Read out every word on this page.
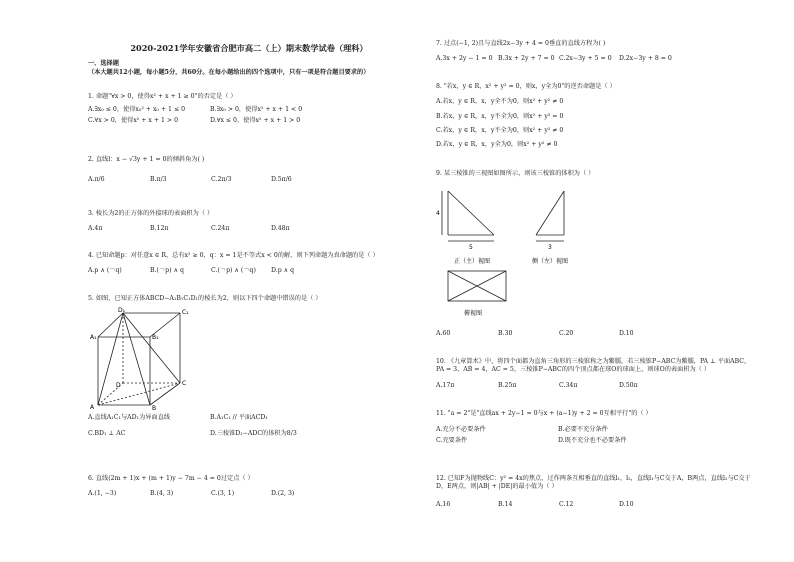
2020-2021学年安徽省合肥市高二（上）期末数学试卷（理科）
一、选择题
（本大题共12小题，每小题5分，共60分。在每小题给出的四个选项中，只有一项是符合题目要求的）
1. 命题"∀x > 0，使得x² + x + 1 ≥ 0"的否定是（ ）
A.∃x₀ ≤ 0，使得x₀² + x₀ + 1 ≤ 0	B.∃x₀ > 0，使得x² + x + 1 < 0
C.∀x > 0，使得x² + x + 1 > 0	D.∀x ≤ 0，使得x² + x + 1 > 0
2. 直线l：x − √3y + 1 = 0的倾斜角为( )
A.π/6	B.π/3	C.2π/3	D.5π/6
3. 棱长为2的正方体的外接球的表面积为（ ）
A.4π	B.12π	C.24π	D.48π
4. 已知命题p：对任意x ∈ R，总有x² ≥ 0，q：x = 1是不等式x < 0的解，则下列命题为真命题的是（ ）
A.p ∧ (￢q)	B.(￢p) ∧ q	C.(￢p) ∧ (￢q) D.p ∧ q
5. 如图，已知正方体ABCD−A₁B₁C₁D₁的棱长为2，则以下四个命题中错误的是（ ）
D₁	C₁
A₁	B₁
A	B
C
D
A.直线A₁C₁与AD₁为异面直线	B.A₁C₁ // 平面ACD₁
C.BD₁ ⊥ AC	D.三棱锥D₁−ADC的体积为8/3
6. 直线(2m + 1)x + (m + 1)y − 7m − 4 = 0过定点（ ）
A.(1, −3)	B.(4, 3)	C.(3, 1)	D.(2, 3)
7. 过点(−1, 2)且与直线2x−3y + 4 = 0垂直的直线方程为( )
A.3x + 2y − 1 = 0 B.3x + 2y + 7 = 0 C.2x−3y + 5 = 0 D.2x−3y + 8 = 0
8. "若x，y ∈ R，x² + y² = 0，则x，y全为0"的逆否命题是（ ）
A.若x，y ∈ R，x，y全不为0，则x² + y² ≠ 0
B.若x，y ∈ R，x，y不全为0，则x² + y² = 0
C.若x，y ∈ R，x，y不全为0，则x² + y² ≠ 0
D.若x，y ∈ R，x，y全为0，则x² + y² ≠ 0
9. 某三棱锥的三视图如图所示，则该三棱锥的体积为（ ）
4
5	3
正（主）视图	侧（左）视图
俯视图
A.60	B.30	C.20	D.10
10. 《九章算术》中，将四个面都为直角三角形的三棱锥称之为鳖臑，若三棱锥P−ABC为鳖臑，PA ⊥ 平面ABC，PA = 3，AB = 4，AC = 5，三棱锥P−ABC的四个顶点都在球O的球面上，则球O的表面积为（ ）
A.17π	B.25π	C.34π	D.50π
11. "a = 2"是"直线ax + 2y−1 = 0与x + (a−1)y + 2 = 0互相平行"的（ ）
A.充分不必要条件	B.必要不充分条件
C.充要条件	D.既不充分也不必要条件
12. 已知F为抛物线C：y² = 4x的焦点，过作两条互相垂直的直线l₁，l₂，直线l₁与C交于A，B两点，直线l₂与C交于D，E两点，则|AB| + |DE|的最小值为（ ）
A.16	B.14	C.12	D.10
